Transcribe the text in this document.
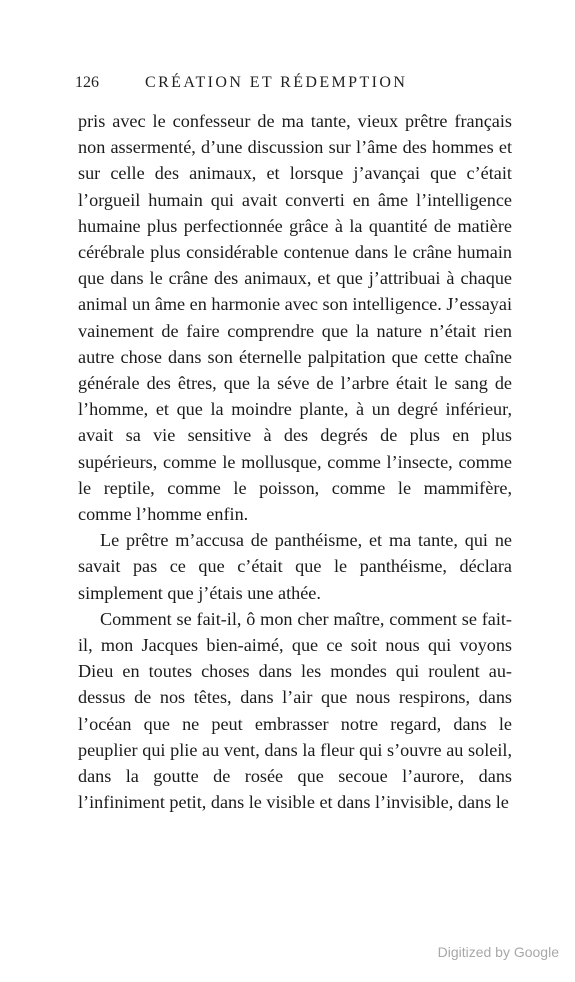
126	CRÉATION ET RÉDEMPTION

pris avec le confesseur de ma tante, vieux prêtre français non assermenté, d’une discussion sur l’âme des hommes et sur celle des animaux, et lorsque j’avançai que c’était l’orgueil humain qui avait converti en âme l’intelligence humaine plus perfectionnée grâce à la quantité de matière cérébrale plus considérable contenue dans le crâne humain que dans le crâne des animaux, et que j’attribuai à chaque animal un âme en harmonie avec son intelligence. J’essayai vainement de faire comprendre que la nature n’était rien autre chose dans son éternelle palpitation que cette chaîne générale des êtres, que la séve de l’arbre était le sang de l’homme, et que la moindre plante, à un degré inférieur, avait sa vie sensitive à des degrés de plus en plus supérieurs, comme le mollusque, comme l’insecte, comme le reptile, comme le poisson, comme le mammifère, comme l’homme enfin.

Le prêtre m’accusa de panthéisme, et ma tante, qui ne savait pas ce que c’était que le panthéisme, déclara simplement que j’étais une athée.

Comment se fait-il, ô mon cher maître, comment se fait-il, mon Jacques bien-aimé, que ce soit nous qui voyons Dieu en toutes choses dans les mondes qui roulent au-dessus de nos têtes, dans l’air que nous respirons, dans l’océan que ne peut embrasser notre regard, dans le peuplier qui plie au vent, dans la fleur qui s’ouvre au soleil, dans la goutte de rosée que secoue l’aurore, dans l’infiniment petit, dans le visible et dans l’invisible, dans le

Digitized by Google
